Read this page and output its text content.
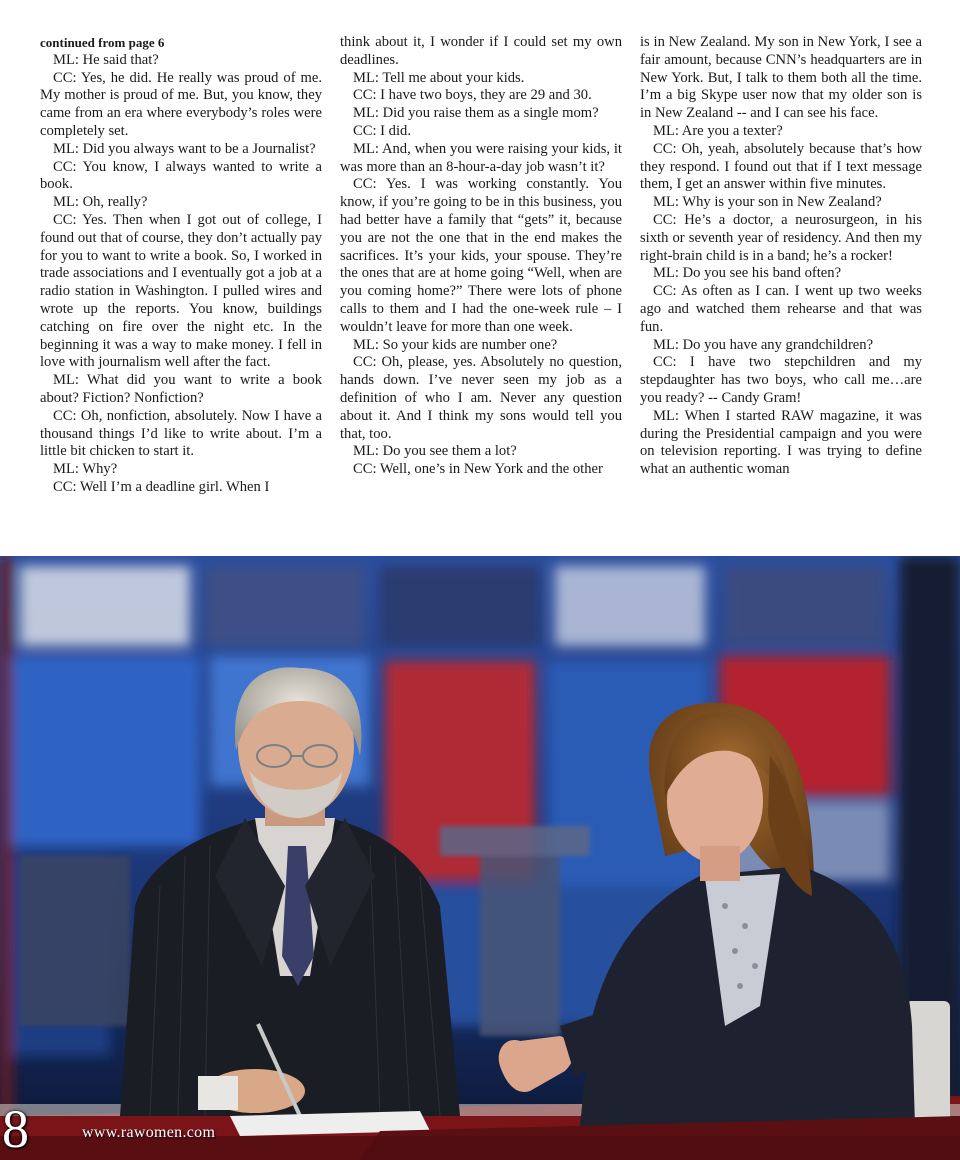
continued from page 6

ML: He said that?

CC: Yes, he did. He really was proud of me. My mother is proud of me. But, you know, they came from an era where everybody’s roles were completely set.

ML: Did you always want to be a Journalist?

CC: You know, I always wanted to write a book.

ML: Oh, really?

CC: Yes. Then when I got out of college, I found out that of course, they don’t actually pay for you to want to write a book. So, I worked in trade associations and I eventually got a job at a radio station in Washington. I pulled wires and wrote up the reports. You know, buildings catching on fire over the night etc. In the beginning it was a way to make money. I fell in love with journalism well after the fact.

ML: What did you want to write a book about? Fiction? Nonfiction?

CC: Oh, nonfiction, absolutely. Now I have a thousand things I’d like to write about. I’m a little bit chicken to start it.

ML: Why?

CC: Well I’m a deadline girl. When I

think about it, I wonder if I could set my own deadlines.

ML: Tell me about your kids.

CC: I have two boys, they are 29 and 30.

ML: Did you raise them as a single mom?

CC: I did.

ML: And, when you were raising your kids, it was more than an 8-hour-a-day job wasn’t it?

CC: Yes. I was working constantly. You know, if you’re going to be in this business, you had better have a family that “gets” it, because you are not the one that in the end makes the sacrifices. It’s your kids, your spouse. They’re the ones that are at home going “Well, when are you coming home?” There were lots of phone calls to them and I had the one-week rule – I wouldn’t leave for more than one week.

ML: So your kids are number one?

CC: Oh, please, yes. Absolutely no question, hands down. I’ve never seen my job as a definition of who I am. Never any question about it. And I think my sons would tell you that, too.

ML: Do you see them a lot?

CC: Well, one’s in New York and the other

is in New Zealand. My son in New York, I see a fair amount, because CNN’s headquarters are in New York. But, I talk to them both all the time. I’m a big Skype user now that my older son is in New Zealand -- and I can see his face.

ML: Are you a texter?

CC: Oh, yeah, absolutely because that’s how they respond. I found out that if I text message them, I get an answer within five minutes.

ML: Why is your son in New Zealand?

CC: He’s a doctor, a neurosurgeon, in his sixth or seventh year of residency. And then my right-brain child is in a band; he’s a rocker!

ML: Do you see his band often?

CC: As often as I can. I went up two weeks ago and watched them rehearse and that was fun.

ML: Do you have any grandchildren?

CC: I have two stepchildren and my stepdaughter has two boys, who call me…are you ready? -- Candy Gram!

ML: When I started RAW magazine, it was during the Presidential campaign and you were on television reporting. I was trying to define what an authentic woman

8	www.rawomen.com
